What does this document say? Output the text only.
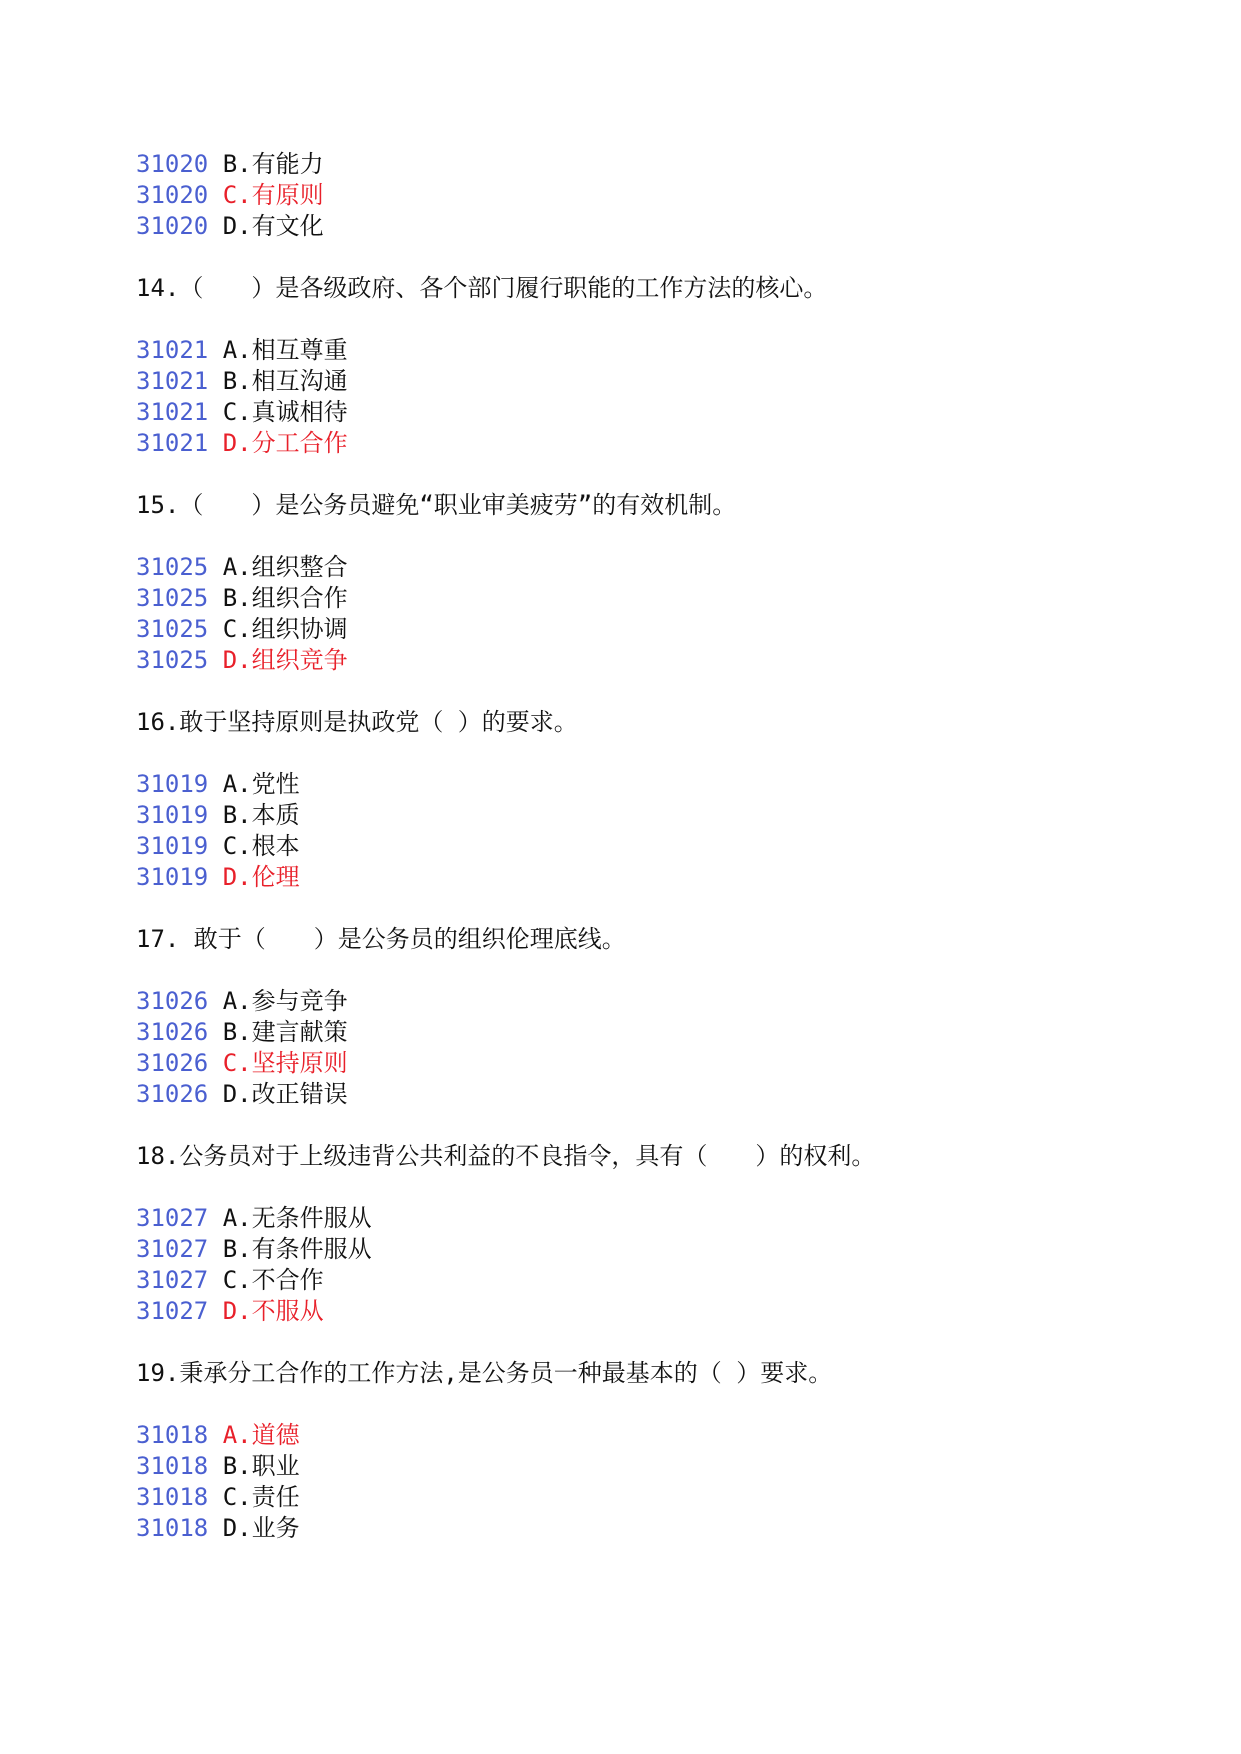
31020 B.有能力
31020 C.有原则
31020 D.有文化
14.（　　）是各级政府、各个部门履行职能的工作方法的核心。
31021 A.相互尊重
31021 B.相互沟通
31021 C.真诚相待
31021 D.分工合作
15.（　　）是公务员避免“职业审美疲劳”的有效机制。
31025 A.组织整合
31025 B.组织合作
31025 C.组织协调
31025 D.组织竞争
16.敢于坚持原则是执政党（ ）的要求。
31019 A.党性
31019 B.本质
31019 C.根本
31019 D.伦理
17. 敢于（　　）是公务员的组织伦理底线。
31026 A.参与竞争
31026 B.建言献策
31026 C.坚持原则
31026 D.改正错误
18.公务员对于上级违背公共利益的不良指令，具有（　　）的权利。
31027 A.无条件服从
31027 B.有条件服从
31027 C.不合作
31027 D.不服从
19.秉承分工合作的工作方法,是公务员一种最基本的（ ）要求。
31018 A.道德
31018 B.职业
31018 C.责任
31018 D.业务
